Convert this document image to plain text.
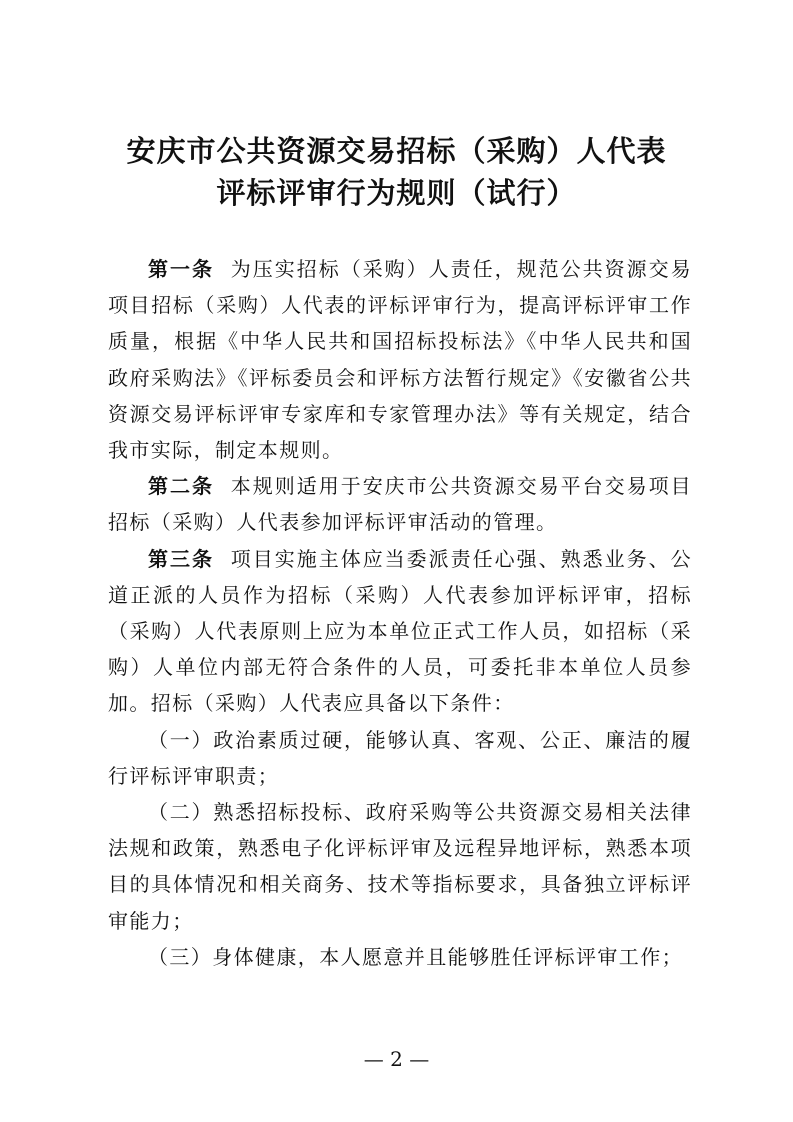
安庆市公共资源交易招标（采购）人代表
评标评审行为规则（试行）

第一条 为压实招标（采购）人责任，规范公共资源交易项目招标（采购）人代表的评标评审行为，提高评标评审工作质量，根据《中华人民共和国招标投标法》《中华人民共和国政府采购法》《评标委员会和评标方法暂行规定》《安徽省公共资源交易评标评审专家库和专家管理办法》等有关规定，结合我市实际，制定本规则。

第二条 本规则适用于安庆市公共资源交易平台交易项目招标（采购）人代表参加评标评审活动的管理。

第三条 项目实施主体应当委派责任心强、熟悉业务、公道正派的人员作为招标（采购）人代表参加评标评审，招标（采购）人代表原则上应为本单位正式工作人员，如招标（采购）人单位内部无符合条件的人员，可委托非本单位人员参加。招标（采购）人代表应具备以下条件：

（一）政治素质过硬，能够认真、客观、公正、廉洁的履行评标评审职责；

（二）熟悉招标投标、政府采购等公共资源交易相关法律法规和政策，熟悉电子化评标评审及远程异地评标，熟悉本项目的具体情况和相关商务、技术等指标要求，具备独立评标评审能力；

（三）身体健康，本人愿意并且能够胜任评标评审工作；

— 2 —
